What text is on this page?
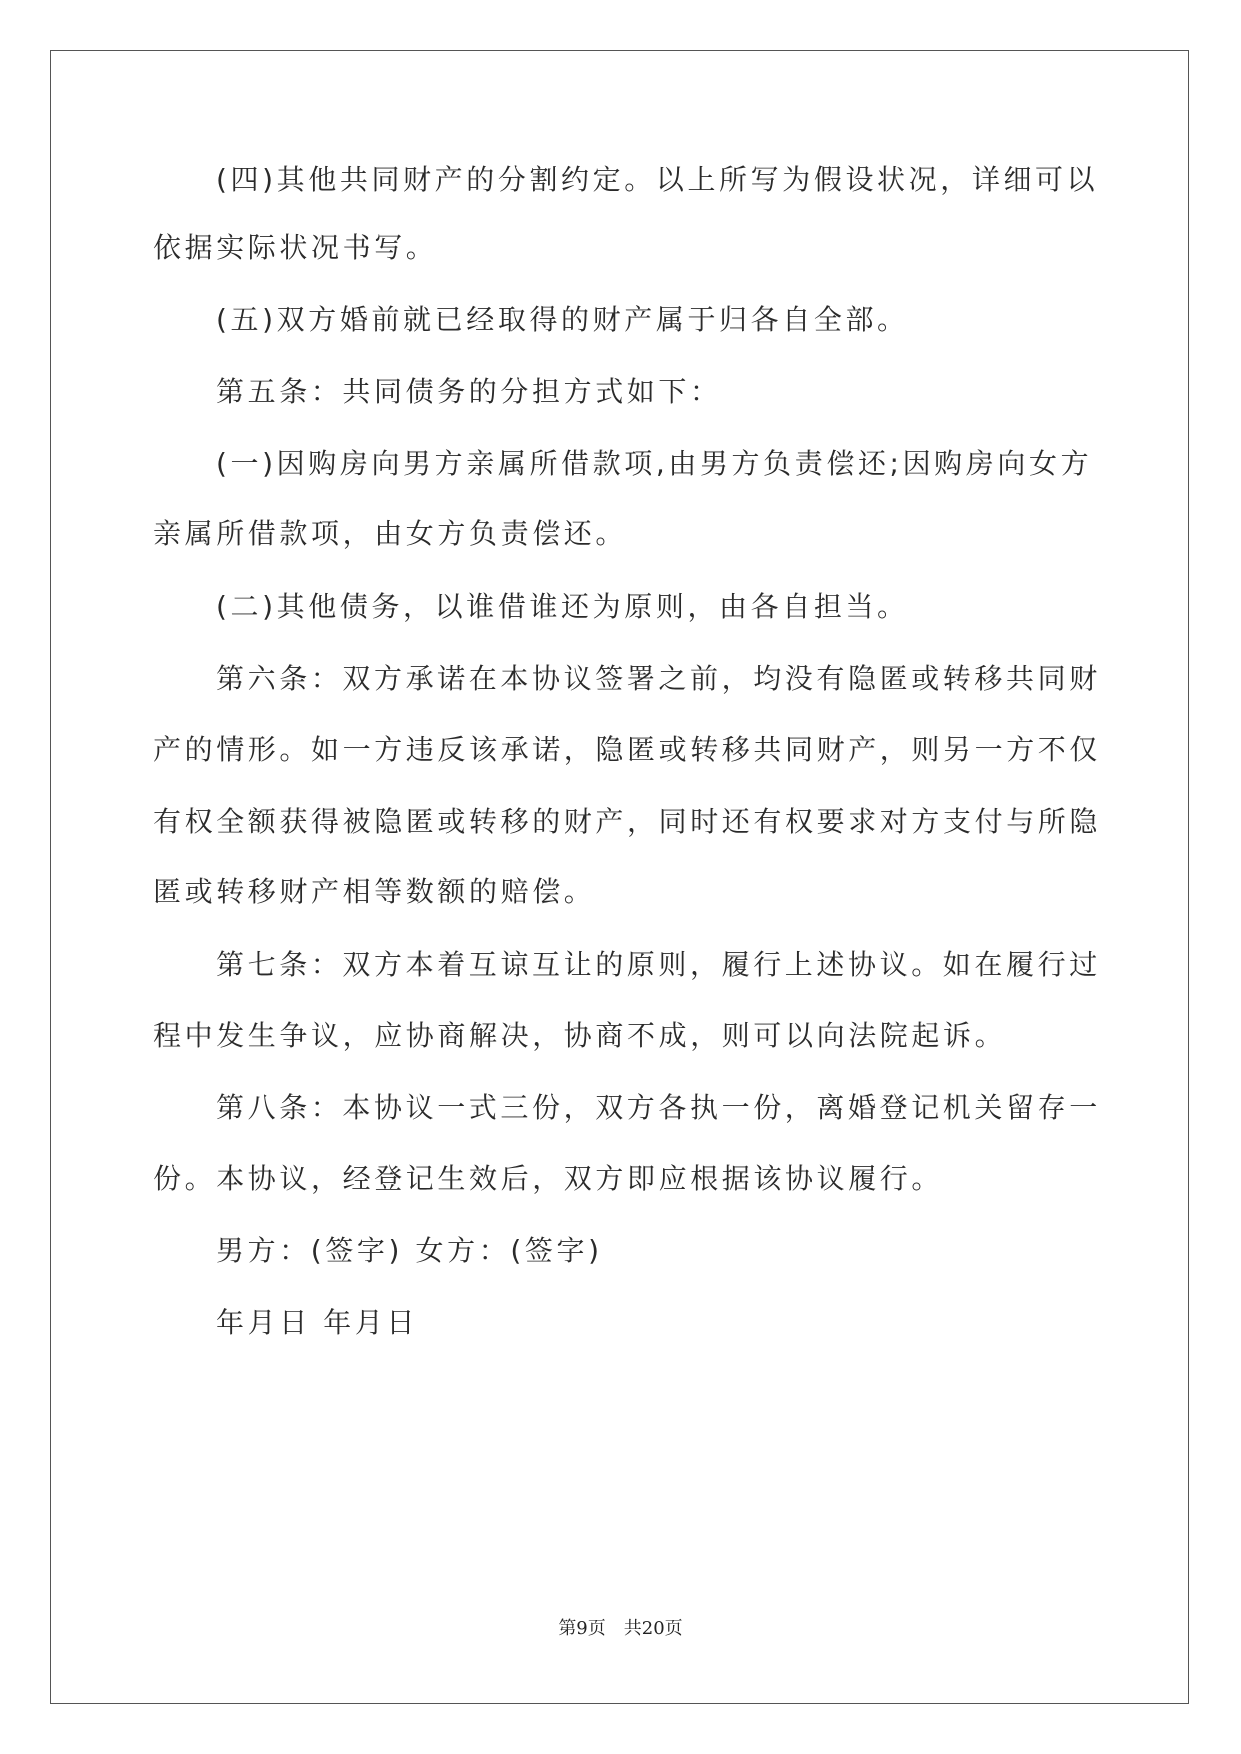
(四)其他共同财产的分割约定。以上所写为假设状况，详细可以
依据实际状况书写。
(五)双方婚前就已经取得的财产属于归各自全部。
第五条：共同债务的分担方式如下：
(一)因购房向男方亲属所借款项,由男方负责偿还;因购房向女方
亲属所借款项，由女方负责偿还。
(二)其他债务，以谁借谁还为原则，由各自担当。
第六条：双方承诺在本协议签署之前，均没有隐匿或转移共同财
产的情形。如一方违反该承诺，隐匿或转移共同财产，则另一方不仅
有权全额获得被隐匿或转移的财产，同时还有权要求对方支付与所隐
匿或转移财产相等数额的赔偿。
第七条：双方本着互谅互让的原则，履行上述协议。如在履行过
程中发生争议，应协商解决，协商不成，则可以向法院起诉。
第八条：本协议一式三份，双方各执一份，离婚登记机关留存一
份。本协议，经登记生效后，双方即应根据该协议履行。
男方：(签字) 女方：(签字)
年月日 年月日
第9页 共20页
